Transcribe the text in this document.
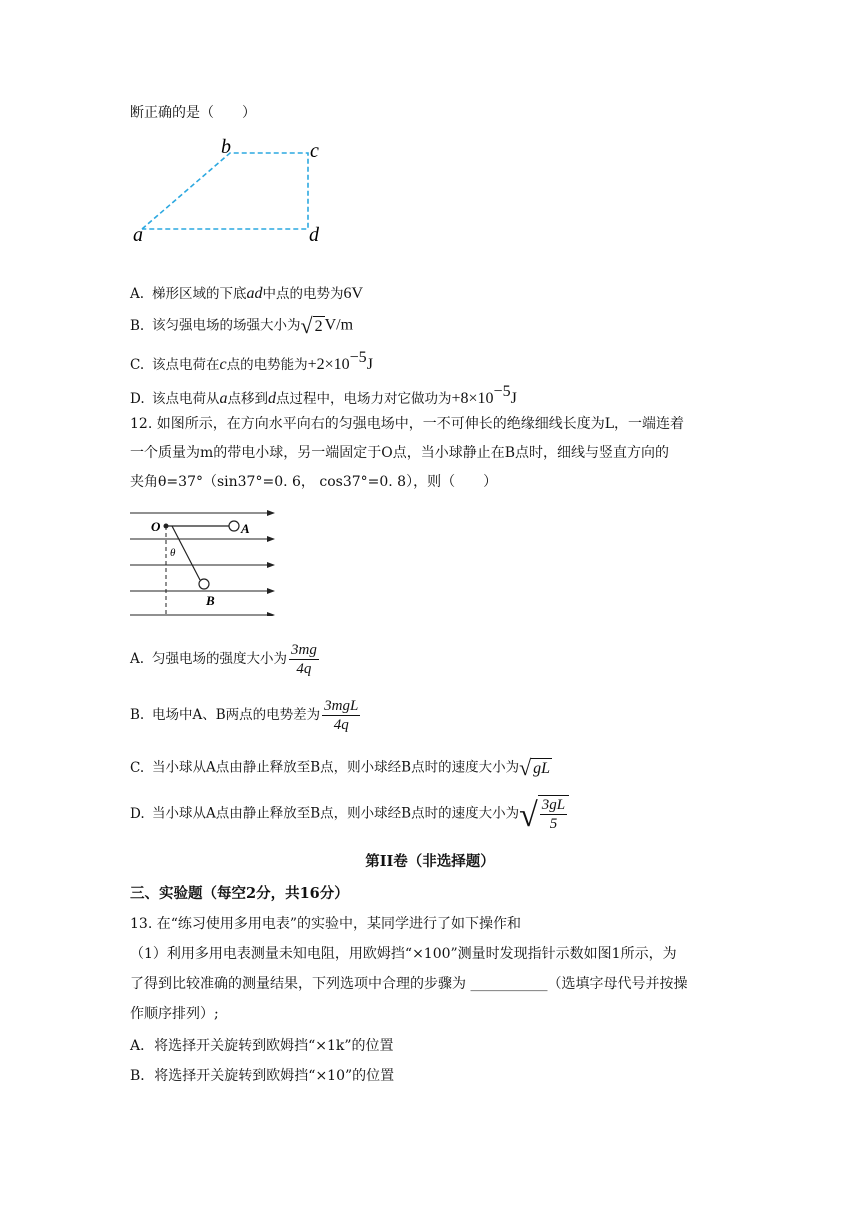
断正确的是（　　）
a
b	c
d
A. 梯形区域的下底ad中点的电势为6V
B. 该匀强电场的场强大小为 √ 2 V/m
C. 该点电荷在c点的电势能为$+2\times 10^{-5}J$
D. 该点电荷从a点移到d点过程中，电场力对它做功为$+8\times 10^{-5}J$
12. 如图所示，在方向水平向右的匀强电场中，一不可伸长的绝缘细线长度为L，一端连着
一个质量为m的带电小球，另一端固定于O点，当小球静止在B点时，细线与竖直方向的
夹角θ=37°（sin37°=0. 6， cos37°=0. 8），则（　　）
O	A
B
θ
A. 匀强电场的强度大小为 $\frac{3mg}{4q}$
B. 电场中A、B两点的电势差为 $\frac{\text{3mgL}}{4q}$
C. 当小球从A点由静止释放至B点，则小球经B点时的速度大小为 √ gL
D. 当小球从A点由静止释放至B点，则小球经B点时的速度大小为 √ $\frac{3gL}{5}$
第II卷（非选择题）
三、实验题（每空2分，共16分）
13. 在“练习使用多用电表”的实验中，某同学进行了如下操作和
（1）利用多用电表测量未知电阻，用欧姆挡“×100”测量时发现指针示数如图1所示，为
了得到比较准确的测量结果，下列选项中合理的步骤为 ___________（选填字母代号并按操
作顺序排列）;
A．将选择开关旋转到欧姆挡“×1k”的位置
B．将选择开关旋转到欧姆挡“×10”的位置
